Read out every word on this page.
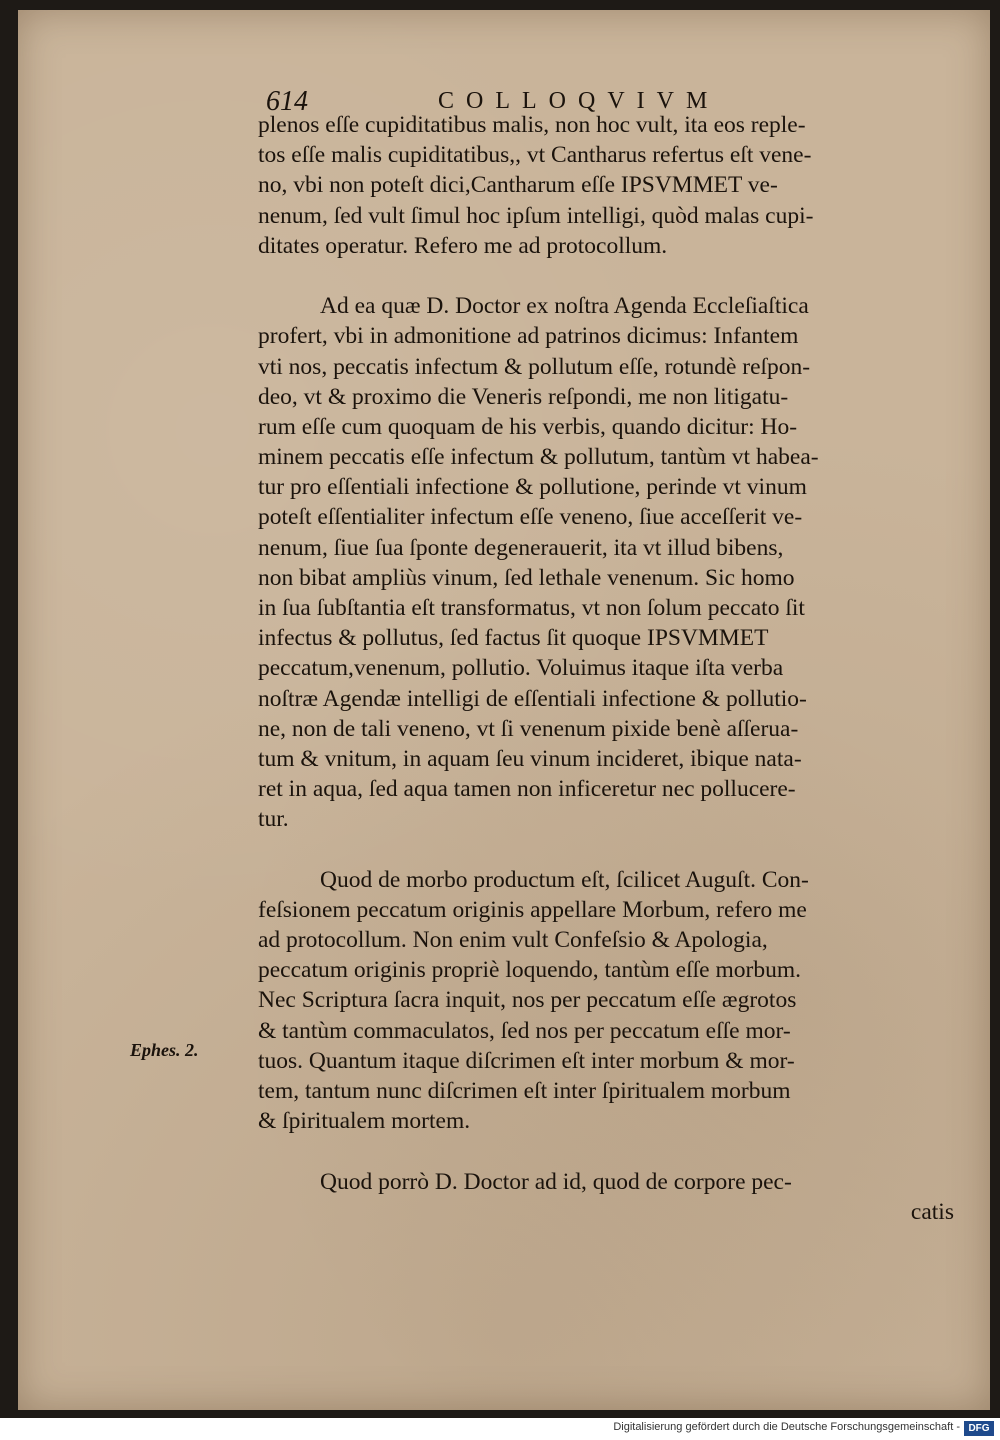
614	COLLOQVIVM
plenos eſſe cupiditatibus malis, non hoc vult, ita eos reple-
tos eſſe malis cupiditatibus,, vt Cantharus refertus eſt vene-
no, vbi non poteſt dici,Cantharum eſſe IPSVMMET ve-
nenum, ſed vult ſimul hoc ipſum intelligi, quòd malas cupi-
ditates operatur. Refero me ad protocollum.
Ad ea quæ D. Doctor ex noſtra Agenda Eccleſiaſtica
profert, vbi in admonitione ad patrinos dicimus: Infantem
vti nos, peccatis infectum & pollutum eſſe, rotundè reſpon-
deo, vt & proximo die Veneris reſpondi, me non litigatu-
rum eſſe cum quoquam de his verbis, quando dicitur: Ho-
minem peccatis eſſe infectum & pollutum, tantùm vt habea-
tur pro eſſentiali infectione & pollutione, perinde vt vinum
poteſt eſſentialiter infectum eſſe veneno, ſiue acceſſerit ve-
nenum, ſiue ſua ſponte degenerauerit, ita vt illud bibens,
non bibat ampliùs vinum, ſed lethale venenum. Sic homo
in ſua ſubſtantia eſt transformatus, vt non ſolum peccato ſit
infectus & pollutus, ſed factus ſit quoque IPSVMMET
peccatum,venenum, pollutio. Voluimus itaque iſta verba
noſtræ Agendæ intelligi de eſſentiali infectione & pollutio-
ne, non de tali veneno, vt ſi venenum pixide benè aſſerua-
tum & vnitum, in aquam ſeu vinum incideret, ibique nata-
ret in aqua, ſed aqua tamen non inficeretur nec pollucere-
tur.
Quod de morbo productum eſt, ſcilicet Auguſt. Con-
feſsionem peccatum originis appellare Morbum, refero me
ad protocollum. Non enim vult Confeſsio & Apologia,
peccatum originis propriè loquendo, tantùm eſſe morbum.
Nec Scriptura ſacra inquit, nos per peccatum eſſe ægrotos
& tantùm commaculatos, ſed nos per peccatum eſſe mor-
tuos. Quantum itaque diſcrimen eſt inter morbum & mor-
tem, tantum nunc diſcrimen eſt inter ſpiritualem morbum
& ſpiritualem mortem.
Quod porrò D. Doctor ad id, quod de corpore pec-
catis
Ephes. 2.
Digitalisierung gefördert durch die Deutsche Forschungsgemeinschaft - DFG
